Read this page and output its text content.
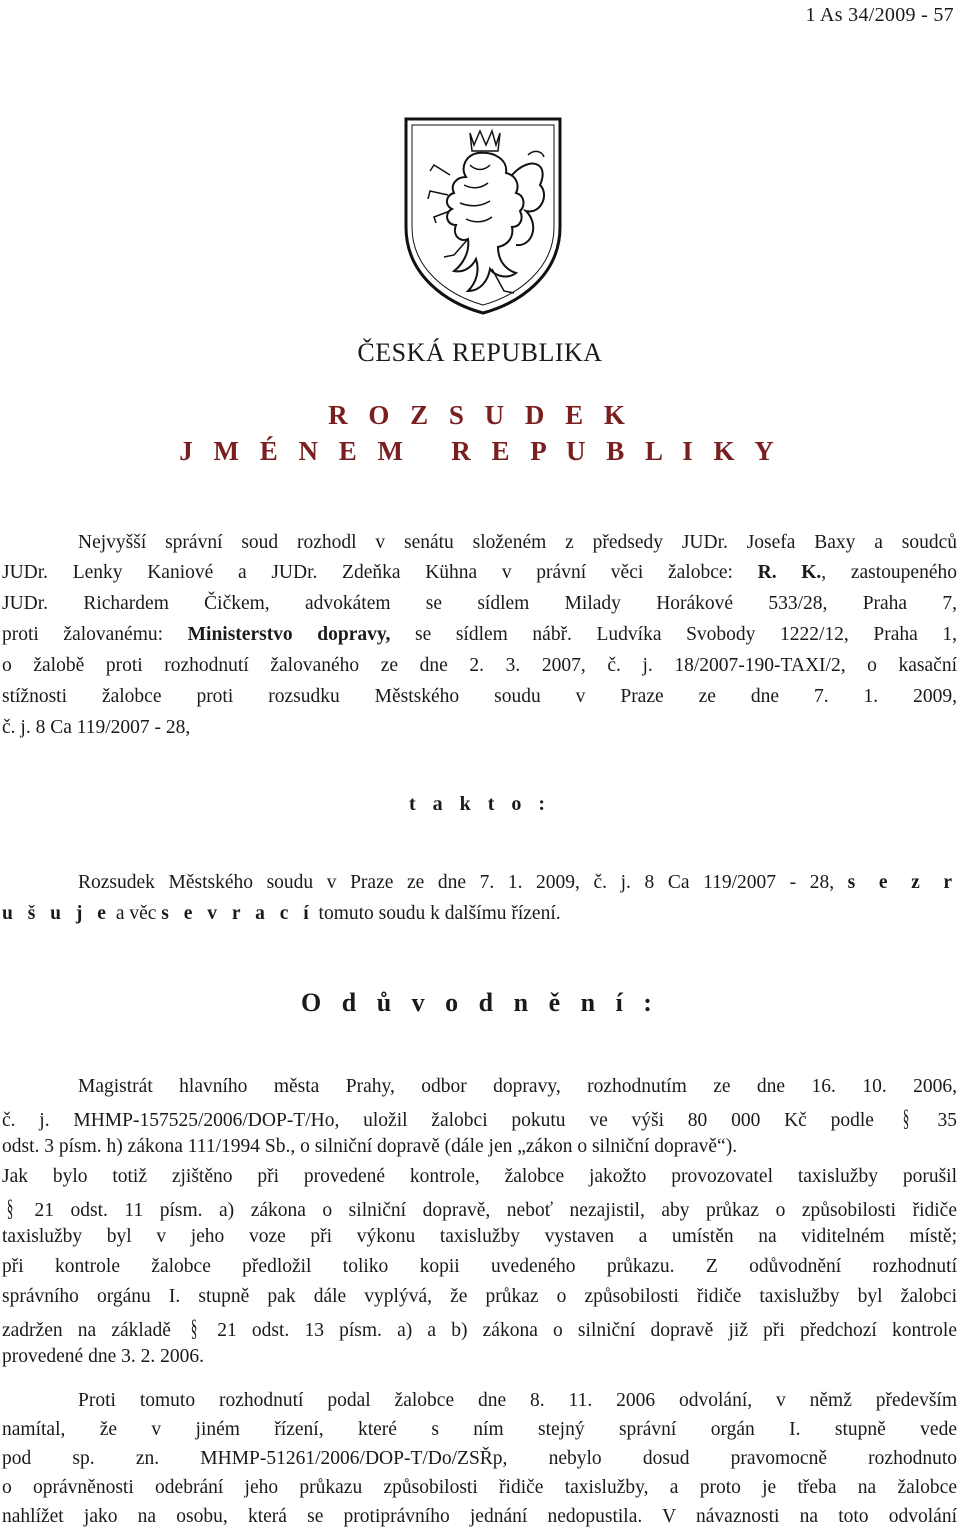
1 As 34/2009 - 57
ČESKÁ REPUBLIKA
R O Z S U D E K
J M É N E M   R E P U B L I K Y
Nejvyšší správní soud rozhodl v senátu složeném z předsedy JUDr. Josefa Baxy a soudců
JUDr. Lenky Kaniové a JUDr. Zdeňka Kühna v právní věci žalobce: R. K., zastoupeného
JUDr. Richardem Čičkem, advokátem se sídlem Milady Horákové 533/28, Praha 7,
proti žalovanému: Ministerstvo dopravy, se sídlem nábř. Ludvíka Svobody 1222/12, Praha 1,
o žalobě proti rozhodnutí žalovaného ze dne 2. 3. 2007, č. j. 18/2007-190-TAXI/2, o kasační
stížnosti žalobce proti rozsudku Městského soudu v Praze ze dne 7. 1. 2009,
č. j. 8 Ca 119/2007 - 28,
t a k t o :
Rozsudek Městského soudu v Praze ze dne 7. 1. 2009, č. j. 8 Ca 119/2007 - 28, s e z r
u š u j e a věc s e v r a c í tomuto soudu k dalšímu řízení.
O d ů v o d n ě n í :
Magistrát hlavního města Prahy, odbor dopravy, rozhodnutím ze dne 16. 10. 2006,
č. j. MHMP-157525/2006/DOP-T/Ho, uložil žalobci pokutu ve výši 80 000 Kč podle § 35
odst. 3 písm. h) zákona 111/1994 Sb., o silniční dopravě (dále jen „zákon o silniční dopravě“).
Jak bylo totiž zjištěno při provedené kontrole, žalobce jakožto provozovatel taxislužby porušil
§ 21 odst. 11 písm. a) zákona o silniční dopravě, neboť nezajistil, aby průkaz o způsobilosti řidiče
taxislužby byl v jeho voze při výkonu taxislužby vystaven a umístěn na viditelném místě;
při kontrole žalobce předložil toliko kopii uvedeného průkazu. Z odůvodnění rozhodnutí
správního orgánu I. stupně pak dále vyplývá, že průkaz o způsobilosti řidiče taxislužby byl žalobci
zadržen na základě § 21 odst. 13 písm. a) a b) zákona o silniční dopravě již při předchozí kontrole
provedené dne 3. 2. 2006.
Proti tomuto rozhodnutí podal žalobce dne 8. 11. 2006 odvolání, v němž především
namítal, že v jiném řízení, které s ním stejný správní orgán I. stupně vede
pod sp. zn. MHMP-51261/2006/DOP-T/Do/ZSŘp, nebylo dosud pravomocně rozhodnuto
o oprávněnosti odebrání jeho průkazu způsobilosti řidiče taxislužby, a proto je třeba na žalobce
nahlížet jako na osobu, která se protiprávního jednání nedopustila. V návaznosti na toto odvolání
